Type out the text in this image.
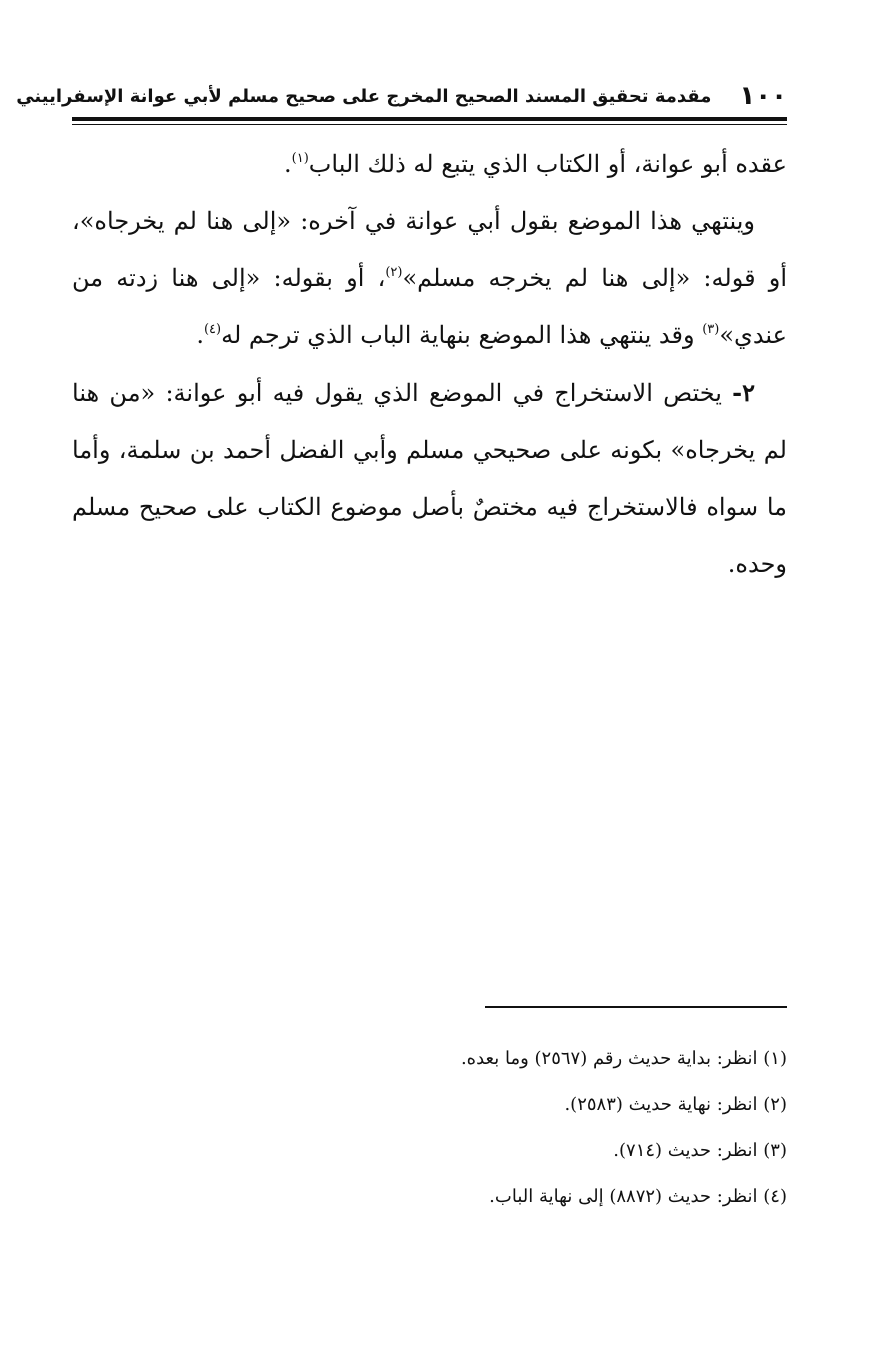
١٠٠
مقدمة تحقيق المسند الصحيح المخرج على صحيح مسلم لأبي عوانة الإسفراييني

عقده أبو عوانة، أو الكتاب الذي يتبع له ذلك الباب$^{(١)}$.

وينتهي هذا الموضع بقول أبي عوانة في آخره: «إلى هنا لم يخرجاه»، أو قوله: «إلى هنا لم يخرجه مسلم»$^{(٢)}$، أو بقوله: «إلى هنا زدته من عندي»$^{(٣)}$ وقد ينتهي هذا الموضع بنهاية الباب الذي ترجم له$^{(٤)}$.

٢- يختص الاستخراج في الموضع الذي يقول فيه أبو عوانة: «من هنا لم يخرجاه» بكونه على صحيحي مسلم وأبي الفضل أحمد بن سلمة، وأما ما سواه فالاستخراج فيه مختصٌ بأصل موضوع الكتاب على صحيح مسلم وحده.

(١) انظر: بداية حديث رقم (٢٥٦٧) وما بعده.

(٢) انظر: نهاية حديث (٢٥٨٣).

(٣) انظر: حديث (٧١٤).

(٤) انظر: حديث (٨٨٧٢) إلى نهاية الباب.
